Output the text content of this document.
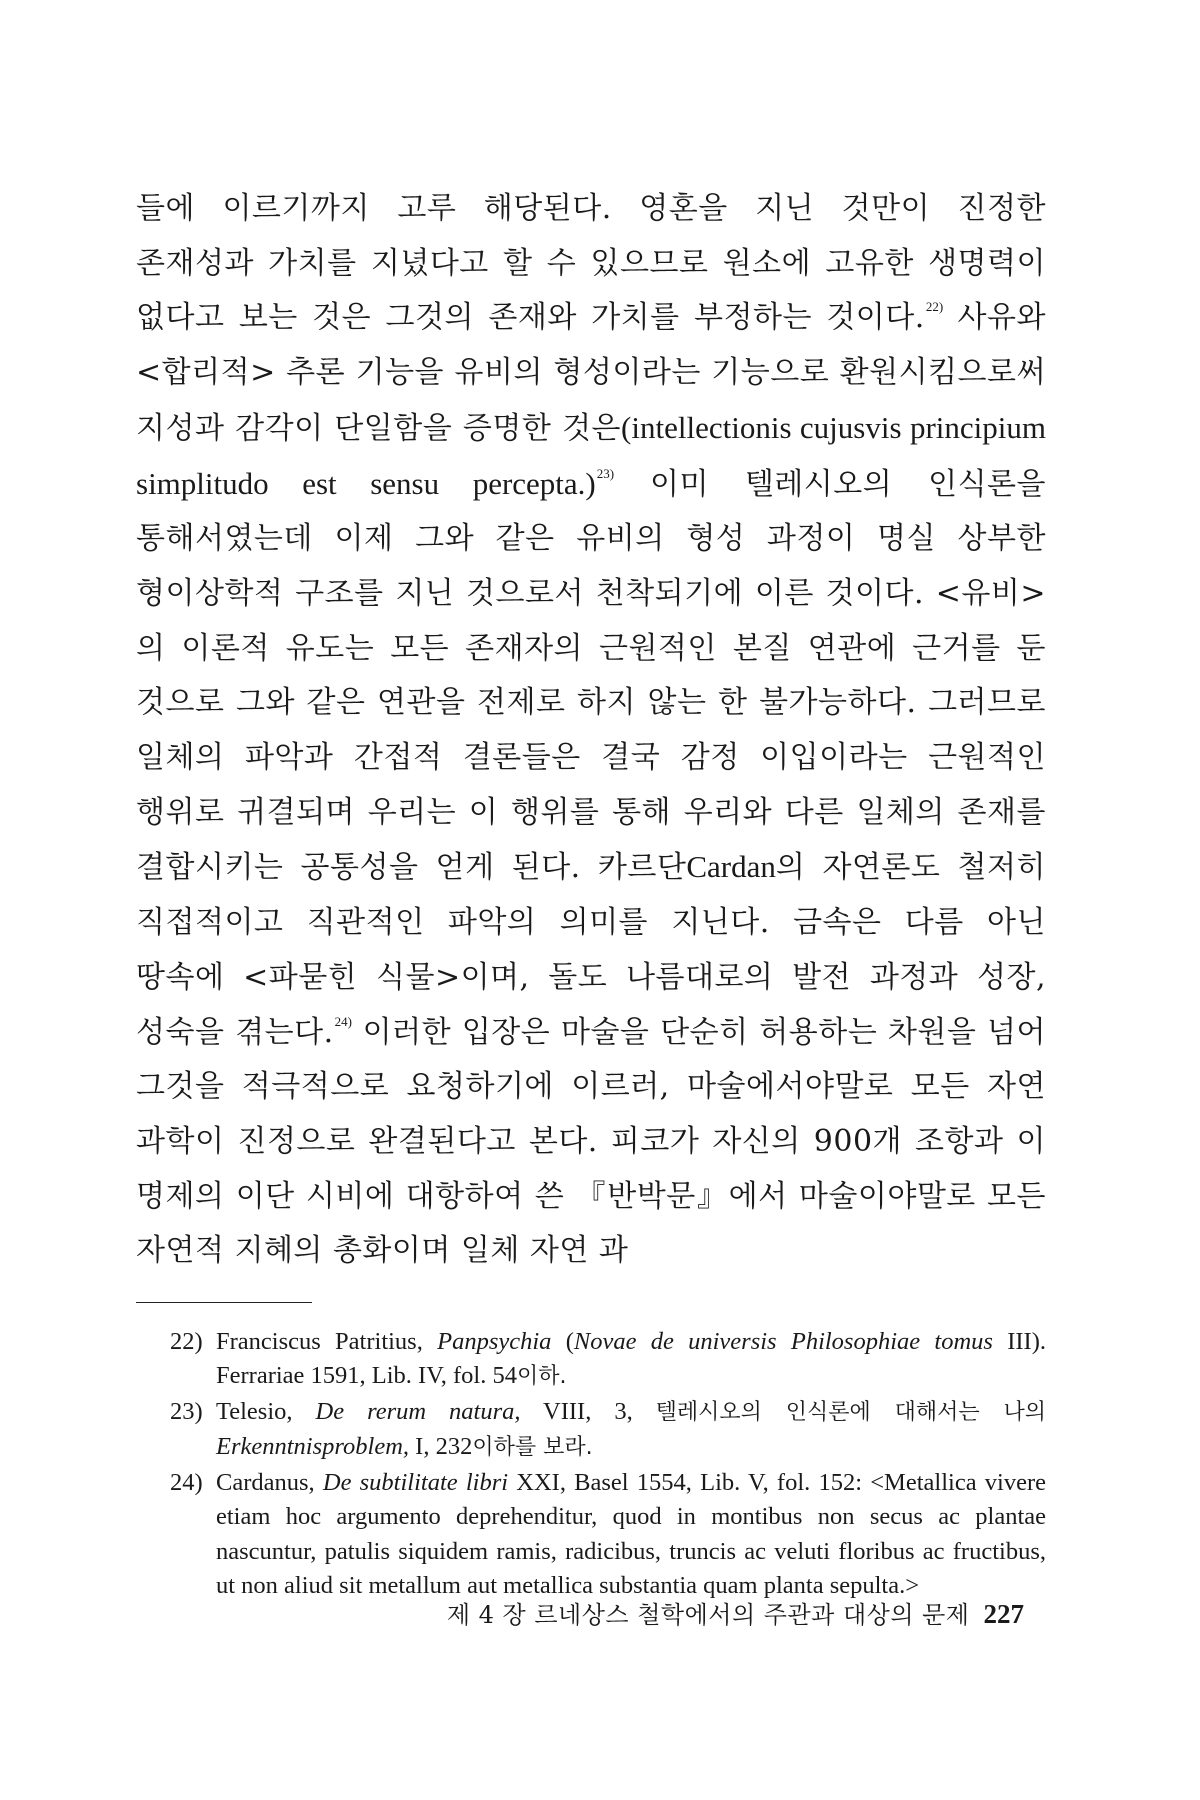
들에 이르기까지 고루 해당된다. 영혼을 지닌 것만이 진정한 존재성과 가치를 지녔다고 할 수 있으므로 원소에 고유한 생명력이 없다고 보는 것은 그것의 존재와 가치를 부정하는 것이다.$^{22)}$ 사유와 <합리적> 추론 기능을 유비의 형성이라는 기능으로 환원시킴으로써 지성과 감각이 단일함을 증명한 것은(intellectionis cujusvis principium simplitudo est sensu percepta.)$^{23)}$ 이미 텔레시오의 인식론을 통해서였는데 이제 그와 같은 유비의 형성 과정이 명실 상부한 형이상학적 구조를 지닌 것으로서 천착되기에 이른 것이다. <유비>의 이론적 유도는 모든 존재자의 근원적인 본질 연관에 근거를 둔 것으로 그와 같은 연관을 전제로 하지 않는 한 불가능하다. 그러므로 일체의 파악과 간접적 결론들은 결국 감정 이입이라는 근원적인 행위로 귀결되며 우리는 이 행위를 통해 우리와 다른 일체의 존재를 결합시키는 공통성을 얻게 된다. 카르단Cardan의 자연론도 철저히 직접적이고 직관적인 파악의 의미를 지닌다. 금속은 다름 아닌 땅속에 <파묻힌 식물>이며, 돌도 나름대로의 발전 과정과 성장, 성숙을 겪는다.$^{24)}$ 이러한 입장은 마술을 단순히 허용하는 차원을 넘어 그것을 적극적으로 요청하기에 이르러, 마술에서야말로 모든 자연 과학이 진정으로 완결된다고 본다. 피코가 자신의 900개 조항과 이 명제의 이단 시비에 대항하여 쓴 『반박문』에서 마술이야말로 모든 자연적 지혜의 총화이며 일체 자연 과

22) Franciscus Patritius, Panpsychia (Novae de universis Philosophiae tomus III). Ferrariae 1591, Lib. IV, fol. 54이하.

23) Telesio, De rerum natura, VIII, 3, 텔레시오의 인식론에 대해서는 나의 Erkenntnisproblem, I, 232이하를 보라.

24) Cardanus, De subtilitate libri XXI, Basel 1554, Lib. V, fol. 152: <Metallica vivere etiam hoc argumento deprehenditur, quod in montibus non secus ac plantae nascuntur, patulis siquidem ramis, radicibus, truncis ac veluti floribus ac fructibus, ut non aliud sit metallum aut metallica substantia quam planta sepulta.>

제 4 장 르네상스 철학에서의 주관과 대상의 문제 227
